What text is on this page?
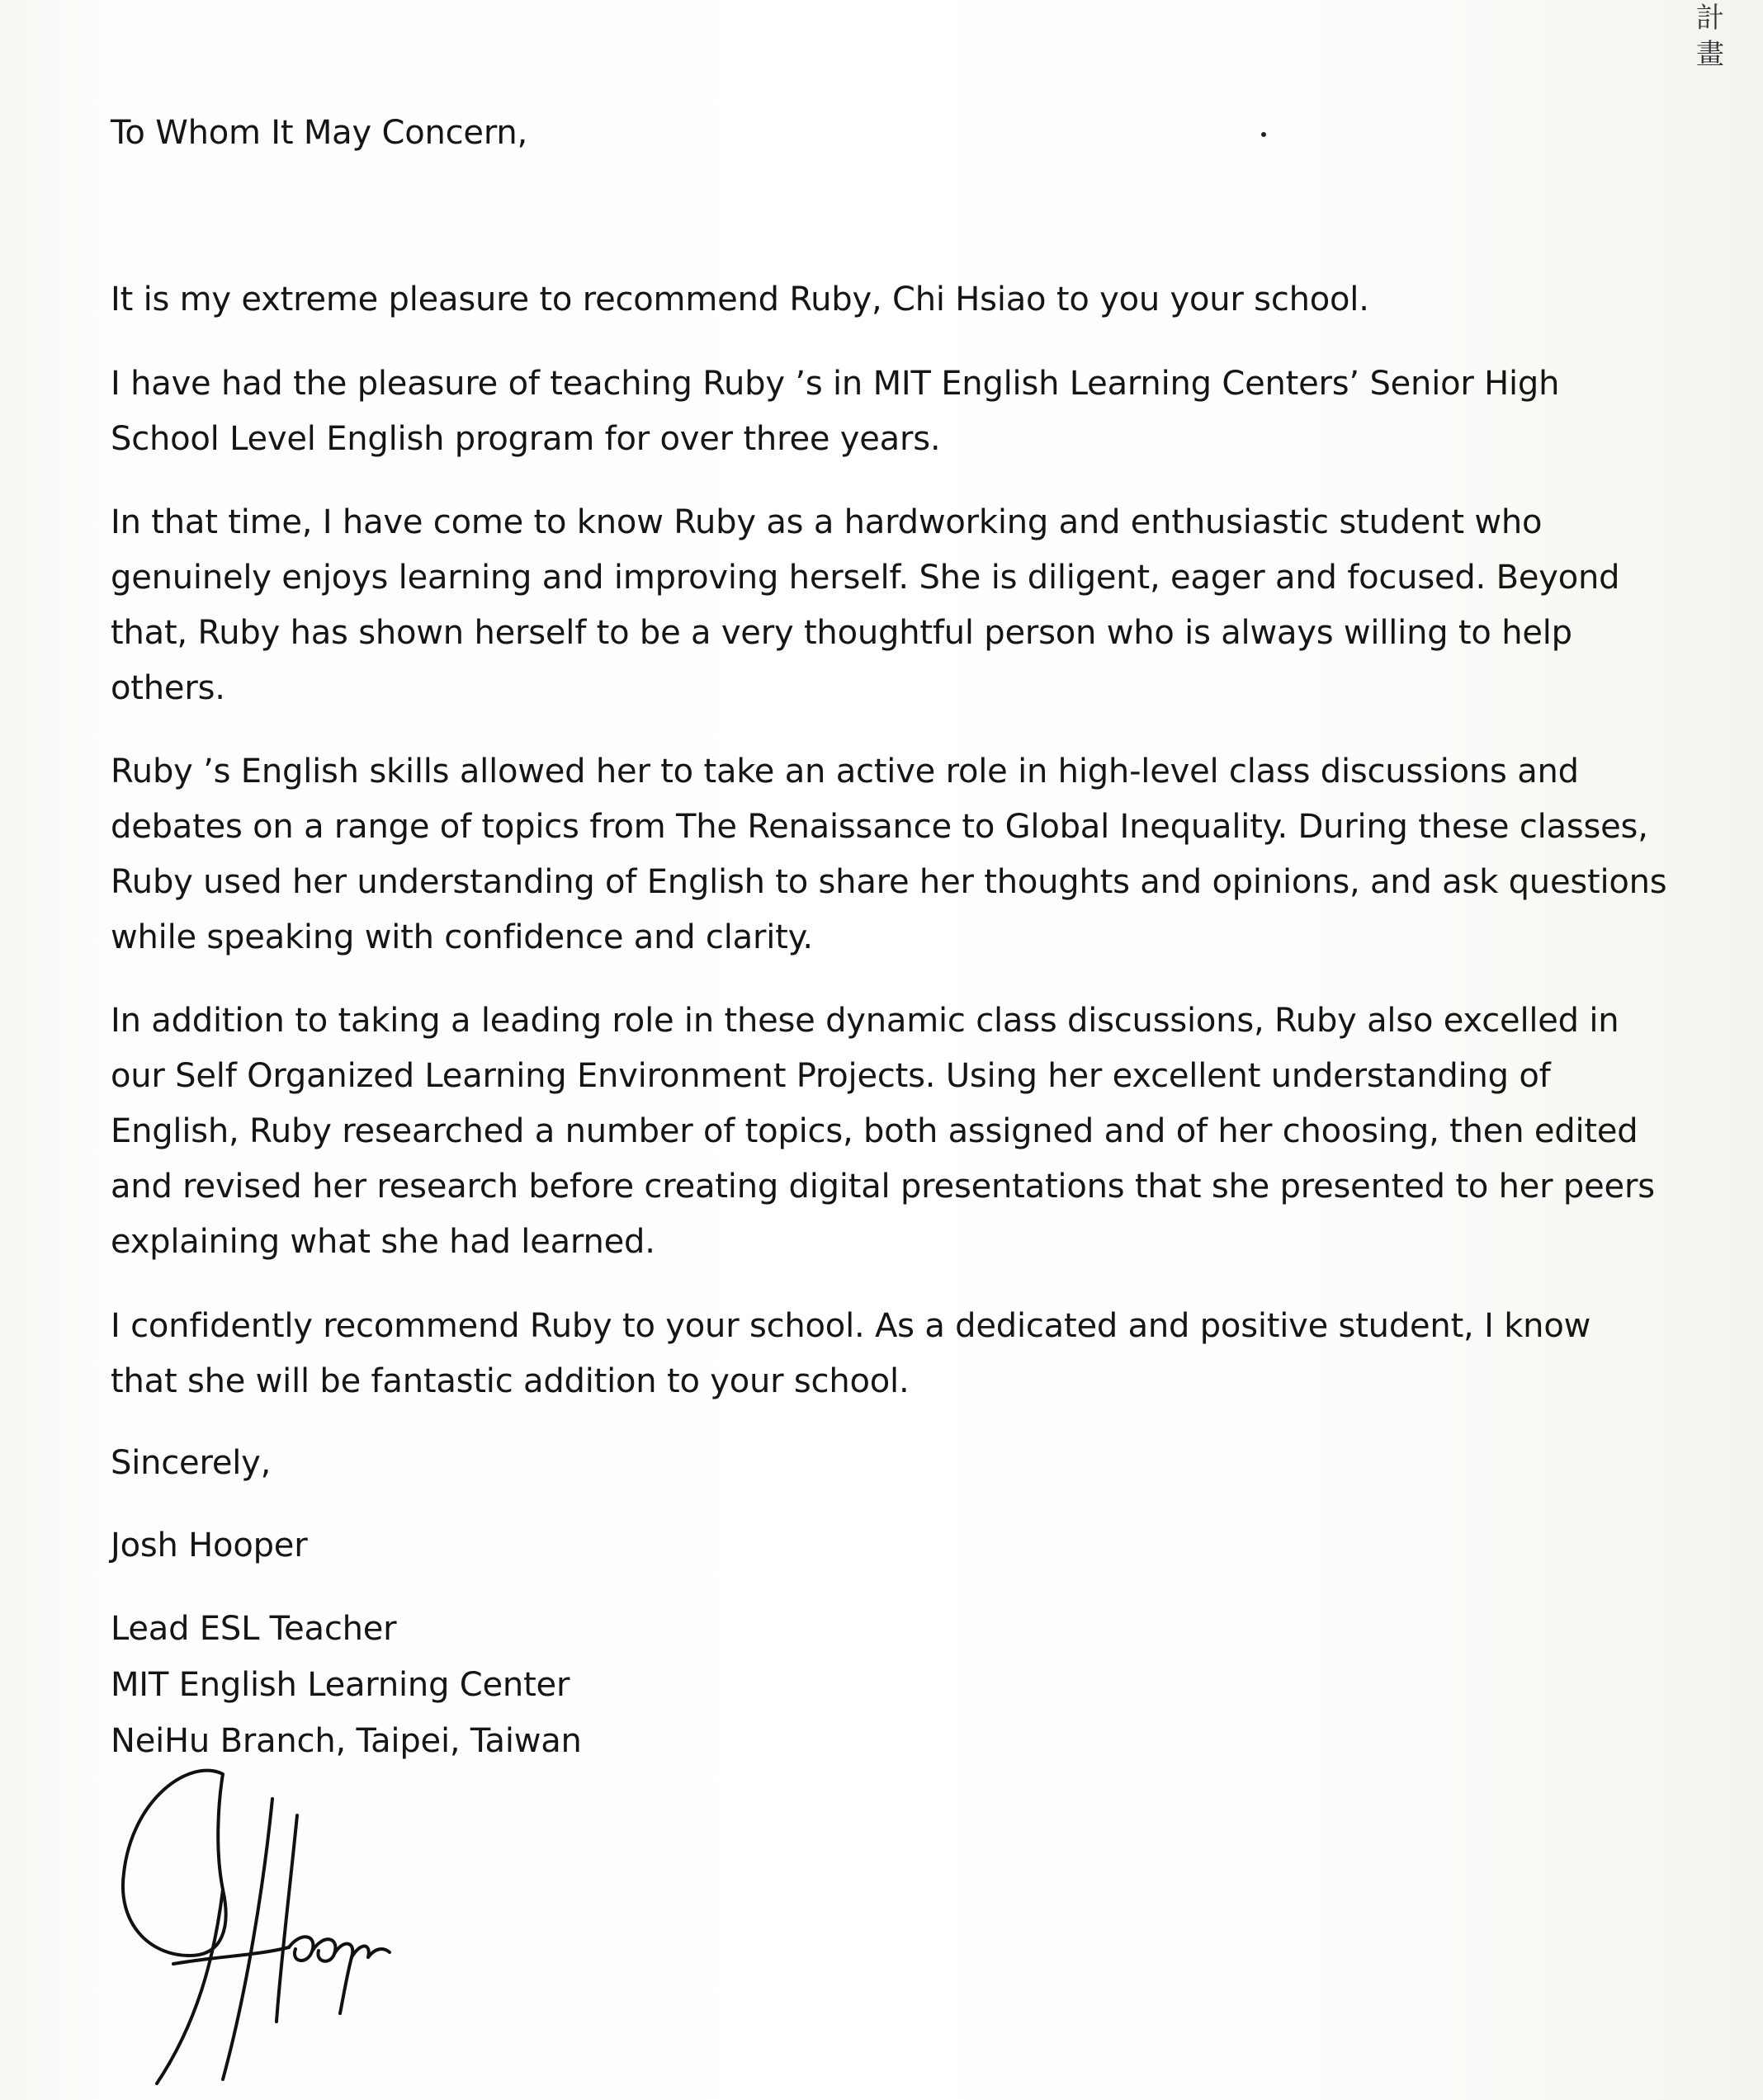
計
畫
To Whom It May Concern,

It is my extreme pleasure to recommend Ruby, Chi Hsiao to you your school.

I have had the pleasure of teaching Ruby ’s in MIT English Learning Centers’ Senior High School Level English program for over three years.

In that time, I have come to know Ruby as a hardworking and enthusiastic student who genuinely enjoys learning and improving herself. She is diligent, eager and focused. Beyond that, Ruby has shown herself to be a very thoughtful person who is always willing to help others.

Ruby ’s English skills allowed her to take an active role in high-level class discussions and debates on a range of topics from The Renaissance to Global Inequality. During these classes, Ruby used her understanding of English to share her thoughts and opinions, and ask questions while speaking with confidence and clarity.

In addition to taking a leading role in these dynamic class discussions, Ruby also excelled in our Self Organized Learning Environment Projects. Using her excellent understanding of English, Ruby researched a number of topics, both assigned and of her choosing, then edited and revised her research before creating digital presentations that she presented to her peers explaining what she had learned.

I confidently recommend Ruby to your school. As a dedicated and positive student, I know that she will be fantastic addition to your school.

Sincerely,
Josh Hooper
Lead ESL Teacher
MIT English Learning Center
NeiHu Branch, Taipei, Taiwan
